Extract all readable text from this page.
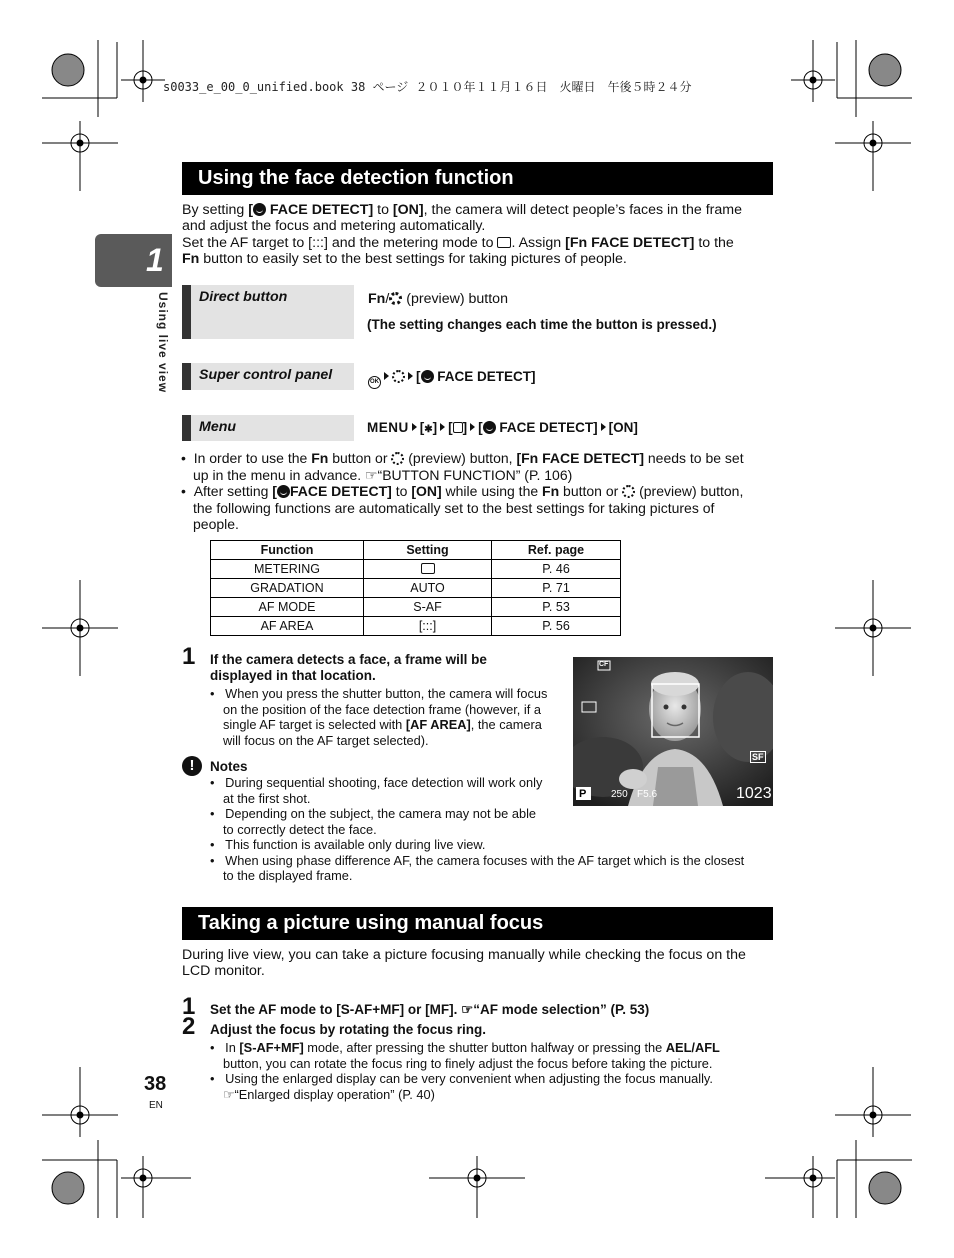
s0033_e_00_0_unified.book 38 ページ ２０１０年１１月１６日　火曜日　午後５時２４分
1
Using live view
Using the face detection function
By setting [ FACE DETECT] to [ON], the camera will detect people’s faces in the frame
and adjust the focus and metering automatically.
Set the AF target to [:::] and the metering mode to . Assign [Fn FACE DETECT] to the
Fn button to easily set to the best settings for taking pictures of people.
Direct button	Fn/ (preview) button
(The setting changes each time the button is pressed.)
Super control panel	OK	[ FACE DETECT]
Menu	MENU [✱] [ ] [ FACE DETECT] [ON]
•  In order to use the Fn button or  (preview) button, [Fn FACE DETECT] needs to be set
up in the menu in advance. ☞“BUTTON FUNCTION” (P. 106)
•  After setting [ FACE DETECT] to [ON] while using the Fn button or  (preview) button,
the following functions are automatically set to the best settings for taking pictures of
people.
Function	Setting	Ref. page
METERING		P. 46
GRADATION	AUTO	P. 71
AF MODE	S-AF	P. 53
AF AREA	[:::]	P. 56
1 If the camera detects a face, a frame will be
displayed in that location.
•   When you press the shutter button, the camera will focus
on the position of the face detection frame (however, if a
single AF target is selected with [AF AREA], the camera
will focus on the AF target selected).
CF
P 250 F5.6	1023
SF
!	Notes
•   During sequential shooting, face detection will work only
at the first shot.
•   Depending on the subject, the camera may not be able
to correctly detect the face.
•   This function is available only during live view.
•   When using phase difference AF, the camera focuses with the AF target which is the closest
to the displayed frame.
Taking a picture using manual focus
During live view, you can take a picture focusing manually while checking the focus on the
LCD monitor.
1 Set the AF mode to [S-AF+MF] or [MF]. ☞“AF mode selection” (P. 53)
2 Adjust the focus by rotating the focus ring.
•   In [S-AF+MF] mode, after pressing the shutter button halfway or pressing the AEL/AFL
button, you can rotate the focus ring to finely adjust the focus before taking the picture.
•   Using the enlarged display can be very convenient when adjusting the focus manually.
☞“Enlarged display operation” (P. 40)
38
EN
